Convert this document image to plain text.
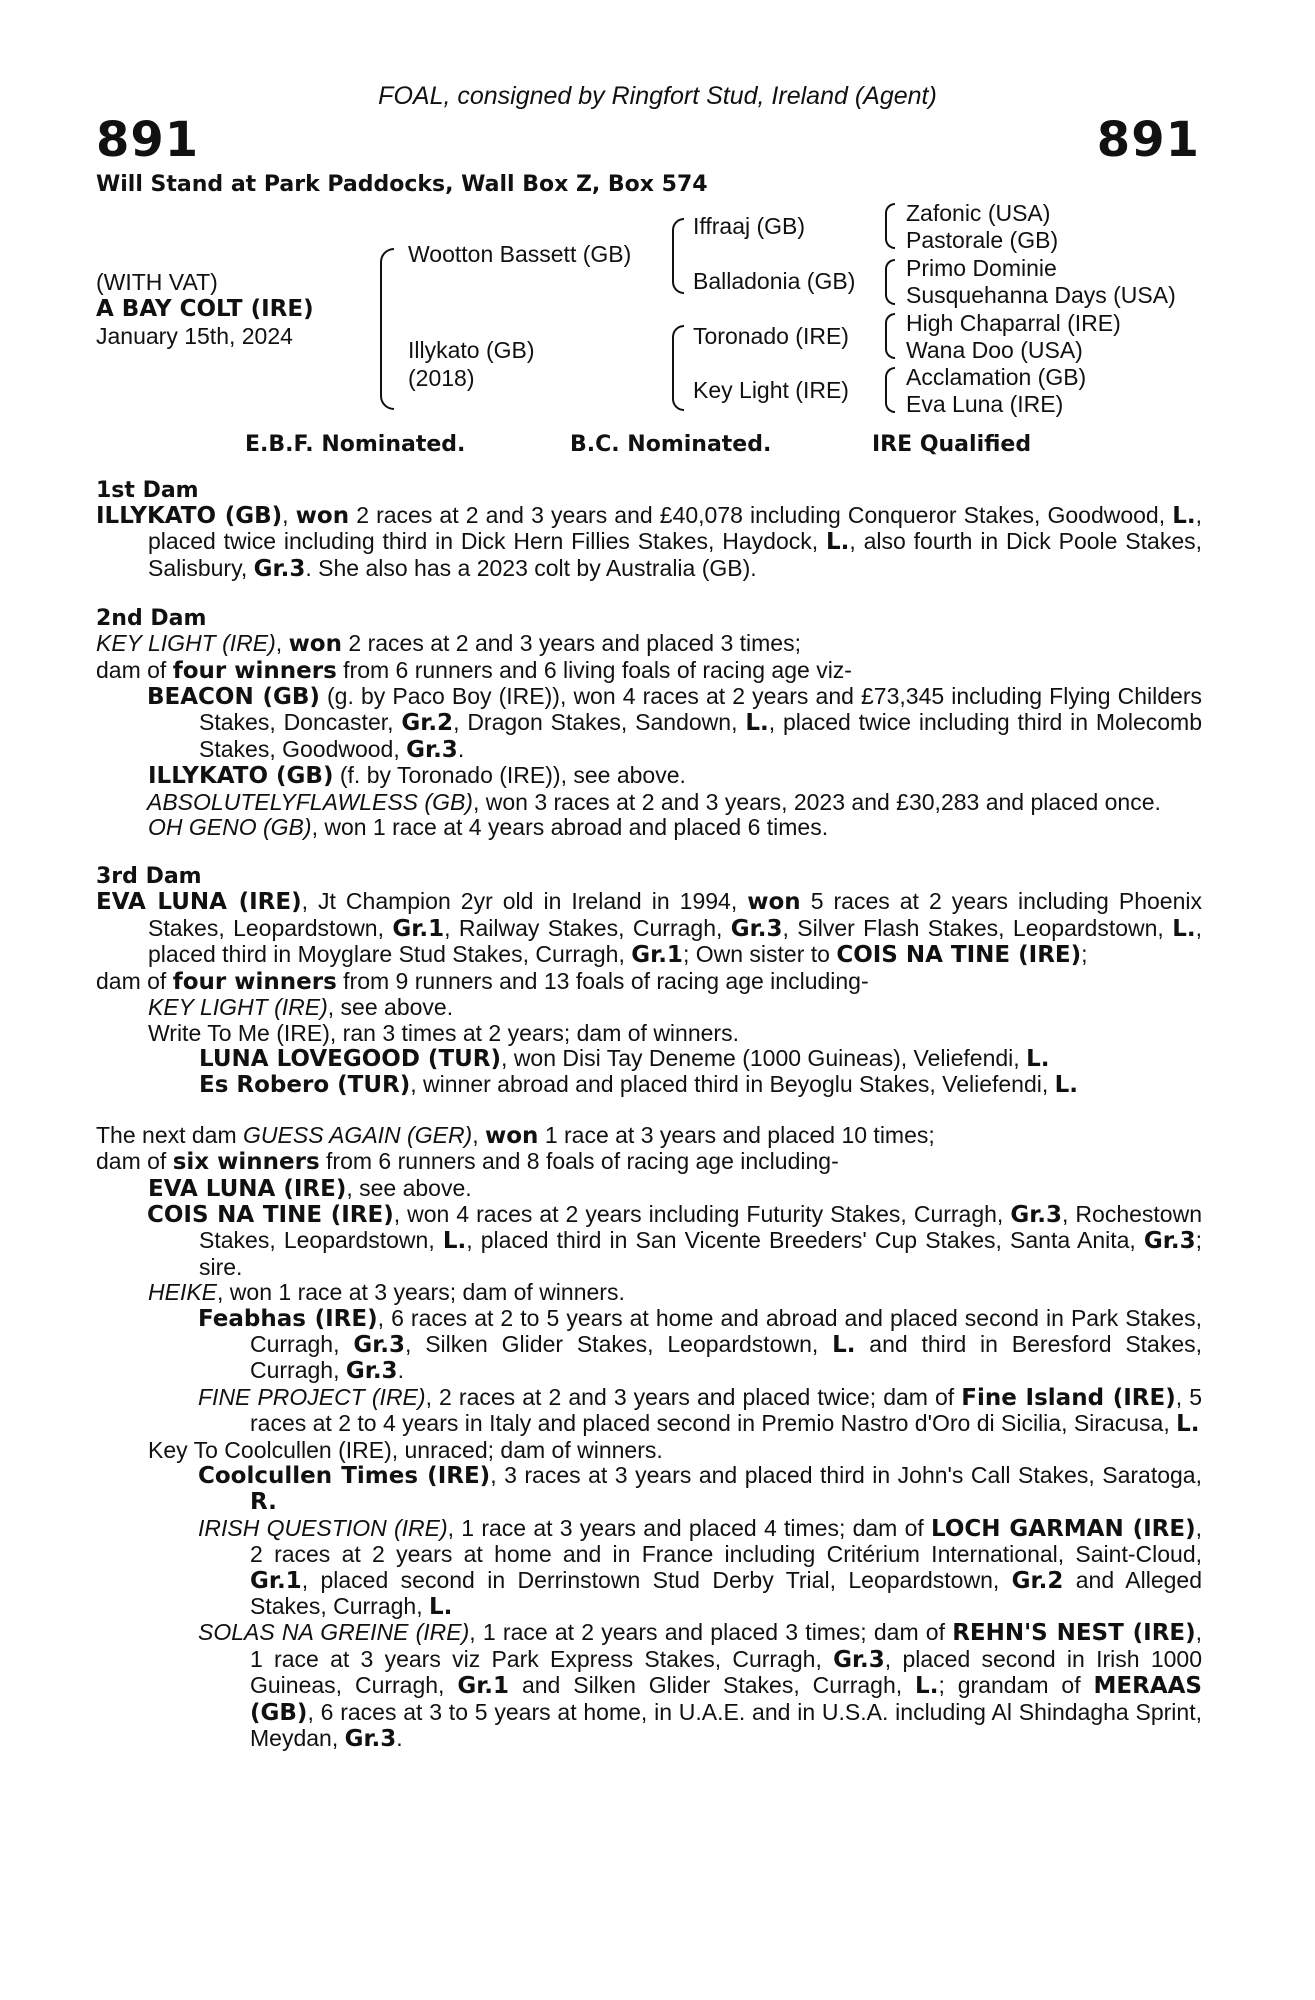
891	891
FOAL, consigned by Ringfort Stud, Ireland (Agent)
Will Stand at Park Paddocks, Wall Box Z, Box 574
(WITH VAT)
A BAY COLT (IRE)
January 15th, 2024
Wootton Bassett (GB)
Illykato (GB)
(2018)
Iffraaj (GB)
Balladonia (GB)
Toronado (IRE)
Key Light (IRE)
Zafonic (USA)
Pastorale (GB)
Primo Dominie
Susquehanna Days (USA)
High Chaparral (IRE)
Wana Doo (USA)
Acclamation (GB)
Eva Luna (IRE)
E.B.F. Nominated.	B.C. Nominated.	IRE Qualified
1st Dam

ILLYKATO (GB), won 2 races at 2 and 3 years and £40,078 including Conqueror Stakes, Goodwood, L., placed twice including third in Dick Hern Fillies Stakes, Haydock, L., also fourth in Dick Poole Stakes, Salisbury, Gr.3. She also has a 2023 colt by Australia (GB).

2nd Dam

KEY LIGHT (IRE), won 2 races at 2 and 3 years and placed 3 times;

dam of four winners from 6 runners and 6 living foals of racing age viz-

BEACON (GB) (g. by Paco Boy (IRE)), won 4 races at 2 years and £73,345 including Flying Childers Stakes, Doncaster, Gr.2, Dragon Stakes, Sandown, L., placed twice including third in Molecomb Stakes, Goodwood, Gr.3.

ILLYKATO (GB) (f. by Toronado (IRE)), see above.

ABSOLUTELYFLAWLESS (GB), won 3 races at 2 and 3 years, 2023 and £30,283 and placed once.

OH GENO (GB), won 1 race at 4 years abroad and placed 6 times.

3rd Dam

EVA LUNA (IRE), Jt Champion 2yr old in Ireland in 1994, won 5 races at 2 years including Phoenix Stakes, Leopardstown, Gr.1, Railway Stakes, Curragh, Gr.3, Silver Flash Stakes, Leopardstown, L., placed third in Moyglare Stud Stakes, Curragh, Gr.1; Own sister to COIS NA TINE (IRE);

dam of four winners from 9 runners and 13 foals of racing age including-

KEY LIGHT (IRE), see above.

Write To Me (IRE), ran 3 times at 2 years; dam of winners.

LUNA LOVEGOOD (TUR), won Disi Tay Deneme (1000 Guineas), Veliefendi, L.

Es Robero (TUR), winner abroad and placed third in Beyoglu Stakes, Veliefendi, L.

The next dam GUESS AGAIN (GER), won 1 race at 3 years and placed 10 times;

dam of six winners from 6 runners and 8 foals of racing age including-

EVA LUNA (IRE), see above.

COIS NA TINE (IRE), won 4 races at 2 years including Futurity Stakes, Curragh, Gr.3, Rochestown Stakes, Leopardstown, L., placed third in San Vicente Breeders' Cup Stakes, Santa Anita, Gr.3; sire.

HEIKE, won 1 race at 3 years; dam of winners.

Feabhas (IRE), 6 races at 2 to 5 years at home and abroad and placed second in Park Stakes, Curragh, Gr.3, Silken Glider Stakes, Leopardstown, L. and third in Beresford Stakes, Curragh, Gr.3.

FINE PROJECT (IRE), 2 races at 2 and 3 years and placed twice; dam of Fine Island (IRE), 5 races at 2 to 4 years in Italy and placed second in Premio Nastro d'Oro di Sicilia, Siracusa, L.

Key To Coolcullen (IRE), unraced; dam of winners.

Coolcullen Times (IRE), 3 races at 3 years and placed third in John's Call Stakes, Saratoga, R.

IRISH QUESTION (IRE), 1 race at 3 years and placed 4 times; dam of LOCH GARMAN (IRE), 2 races at 2 years at home and in France including Critérium International, Saint-Cloud, Gr.1, placed second in Derrinstown Stud Derby Trial, Leopardstown, Gr.2 and Alleged Stakes, Curragh, L.

SOLAS NA GREINE (IRE), 1 race at 2 years and placed 3 times; dam of REHN'S NEST (IRE), 1 race at 3 years viz Park Express Stakes, Curragh, Gr.3, placed second in Irish 1000 Guineas, Curragh, Gr.1 and Silken Glider Stakes, Curragh, L.; grandam of MERAAS (GB), 6 races at 3 to 5 years at home, in U.A.E. and in U.S.A. including Al Shindagha Sprint, Meydan, Gr.3.
